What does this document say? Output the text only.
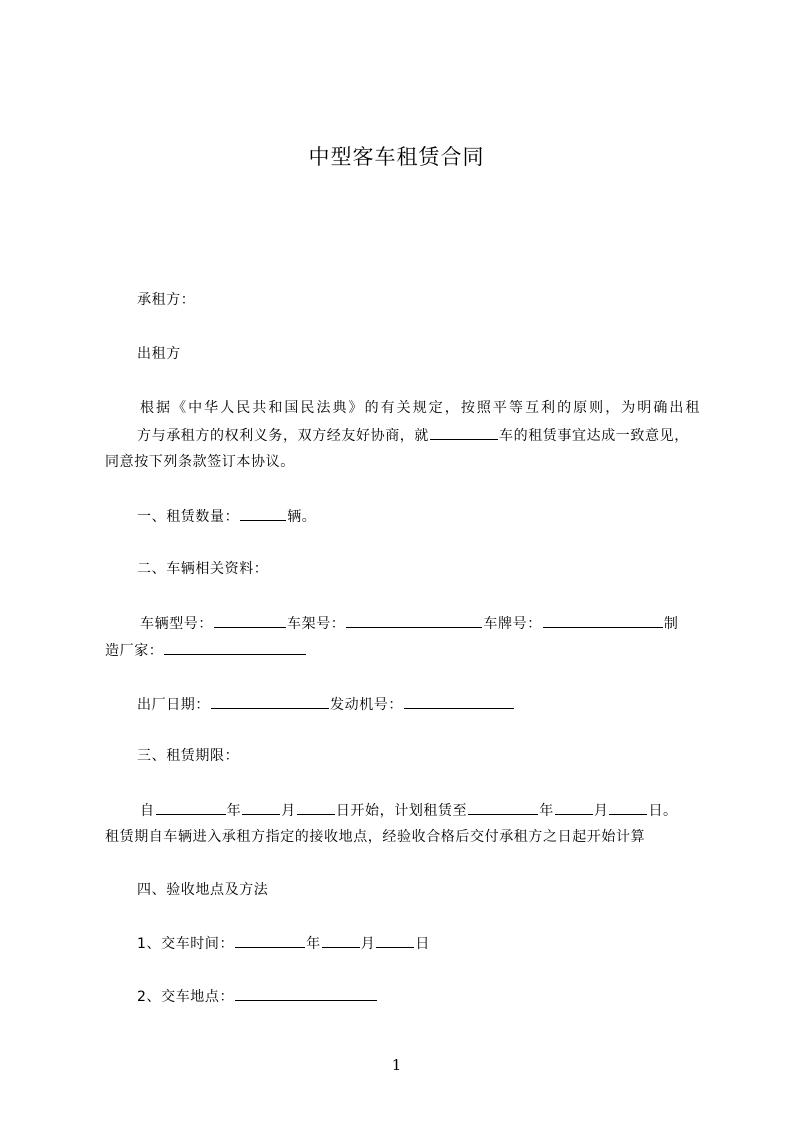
中型客车租赁合同
承租方：
出租方
根据《中华人民共和国民法典》的有关规定，按照平等互利的原则，为明确出租
方与承租方的权利义务，双方经友好协商，就	车的租赁事宜达成一致意见，
同意按下列条款签订本协议。
一、租赁数量：	辆。
二、车辆相关资料：
车辆型号：	车架号：	车牌号：	制
造厂家：
出厂日期：	发动机号：
三、租赁期限：
自	年	月	日开始，计划租赁至	年	月	日。
租赁期自车辆进入承租方指定的接收地点，经验收合格后交付承租方之日起开始计算
四、验收地点及方法
1、交车时间：	年	月	日
2、交车地点：
1
